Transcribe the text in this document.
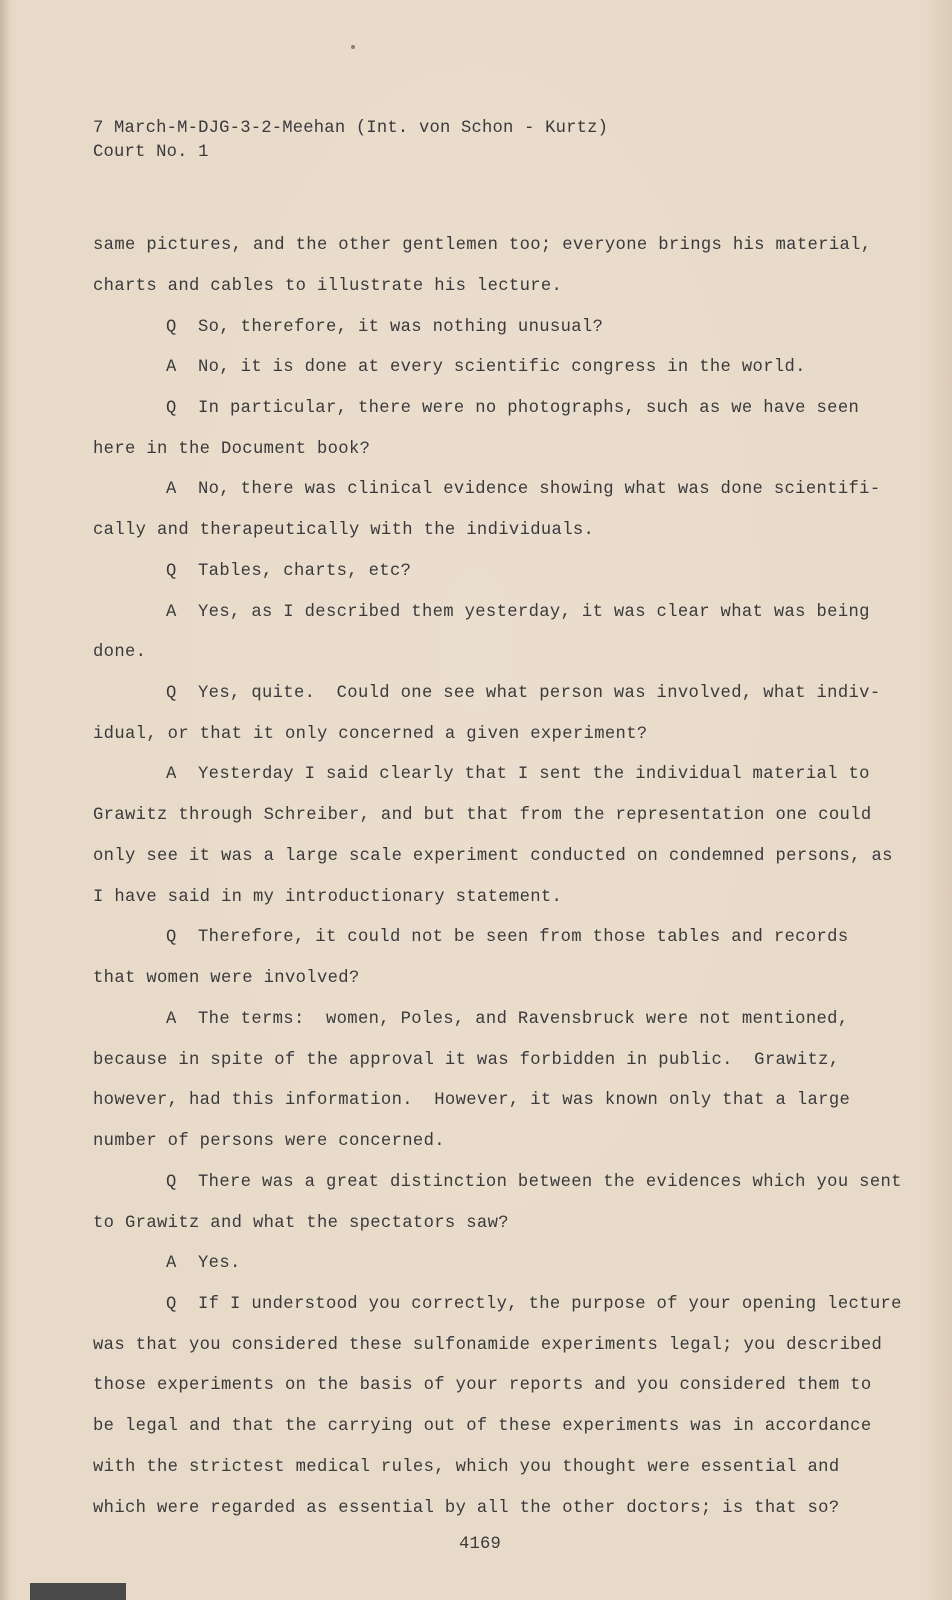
7 March-M-DJG-3-2-Meehan (Int. von Schon - Kurtz)
Court No. 1
same pictures, and the other gentlemen too; everyone brings his material,
charts and cables to illustrate his lecture.
Q  So, therefore, it was nothing unusual?
A  No, it is done at every scientific congress in the world.
Q  In particular, there were no photographs, such as we have seen
here in the Document book?
A  No, there was clinical evidence showing what was done scientifi-
cally and therapeutically with the individuals.
Q  Tables, charts, etc?
A  Yes, as I described them yesterday, it was clear what was being
done.
Q  Yes, quite.  Could one see what person was involved, what indiv-
idual, or that it only concerned a given experiment?
A  Yesterday I said clearly that I sent the individual material to
Grawitz through Schreiber, and but that from the representation one could
only see it was a large scale experiment conducted on condemned persons, as
I have said in my introductionary statement.
Q  Therefore, it could not be seen from those tables and records
that women were involved?
A  The terms:  women, Poles, and Ravensbruck were not mentioned,
because in spite of the approval it was forbidden in public.  Grawitz,
however, had this information.  However, it was known only that a large
number of persons were concerned.
Q  There was a great distinction between the evidences which you sent
to Grawitz and what the spectators saw?
A  Yes.
Q  If I understood you correctly, the purpose of your opening lecture
was that you considered these sulfonamide experiments legal; you described
those experiments on the basis of your reports and you considered them to
be legal and that the carrying out of these experiments was in accordance
with the strictest medical rules, which you thought were essential and
which were regarded as essential by all the other doctors; is that so?
4169
